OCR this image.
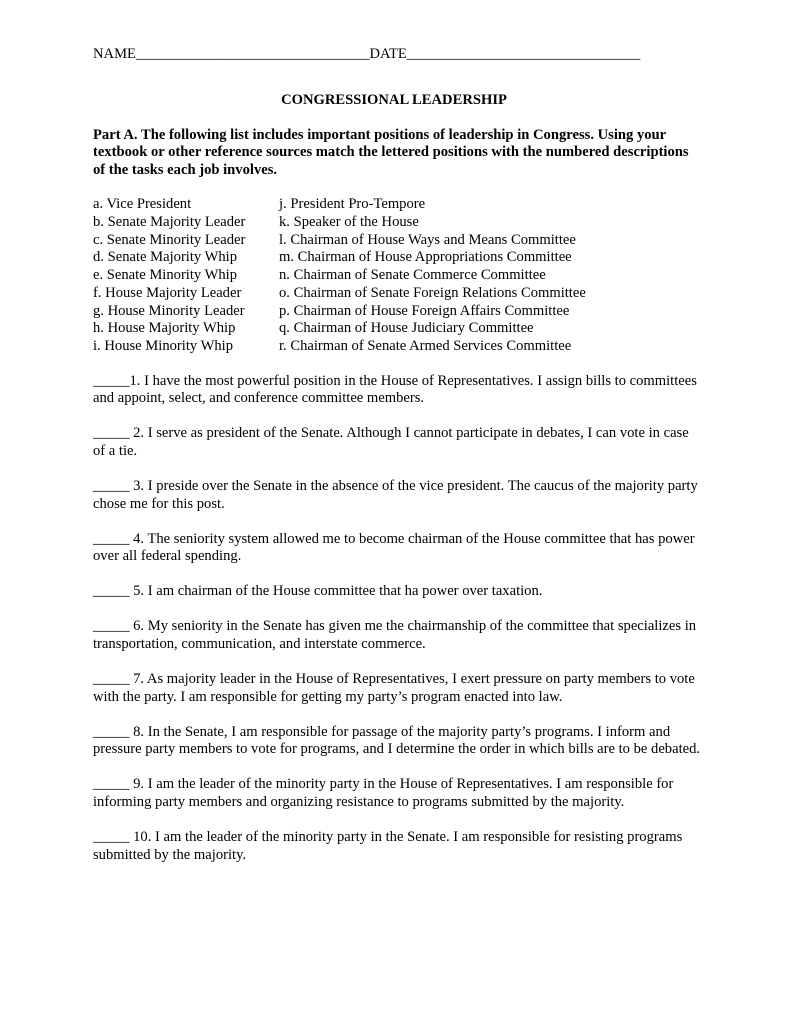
NAME________________________________DATE________________________________
CONGRESSIONAL LEADERSHIP
Part A. The following list includes important positions of leadership in Congress. Using your textbook or other reference sources match the lettered positions with the numbered descriptions of the tasks each job involves.
a. Vice President
b. Senate Majority Leader
c. Senate Minority Leader
d. Senate Majority Whip
e. Senate Minority Whip
f. House Majority Leader
g. House Minority Leader
h. House Majority Whip
i. House Minority Whip
j. President Pro-Tempore
k. Speaker of the House
l. Chairman of House Ways and Means Committee
m. Chairman of House Appropriations Committee
n. Chairman of Senate Commerce Committee
o. Chairman of Senate Foreign Relations Committee
p. Chairman of House Foreign Affairs Committee
q. Chairman of House Judiciary Committee
r. Chairman of Senate Armed Services Committee
_____1. I have the most powerful position in the House of Representatives. I assign bills to committees and appoint, select, and conference committee members.
_____ 2. I serve as president of the Senate. Although I cannot participate in debates, I can vote in case of a tie.
_____ 3. I preside over the Senate in the absence of the vice president. The caucus of the majority party chose me for this post.
_____ 4. The seniority system allowed me to become chairman of the House committee that has power over all federal spending.
_____ 5. I am chairman of the House committee that ha power over taxation.
_____ 6. My seniority in the Senate has given me the chairmanship of the committee that specializes in transportation, communication, and interstate commerce.
_____ 7. As majority leader in the House of Representatives, I exert pressure on party members to vote with the party. I am responsible for getting my party’s program enacted into law.
_____ 8. In the Senate, I am responsible for passage of the majority party’s programs. I inform and pressure party members to vote for programs, and I determine the order in which bills are to be debated.
_____ 9. I am the leader of the minority party in the House of Representatives. I am responsible for informing party members and organizing resistance to programs submitted by the majority.
_____ 10. I am the leader of the minority party in the Senate. I am responsible for resisting programs submitted by the majority.
